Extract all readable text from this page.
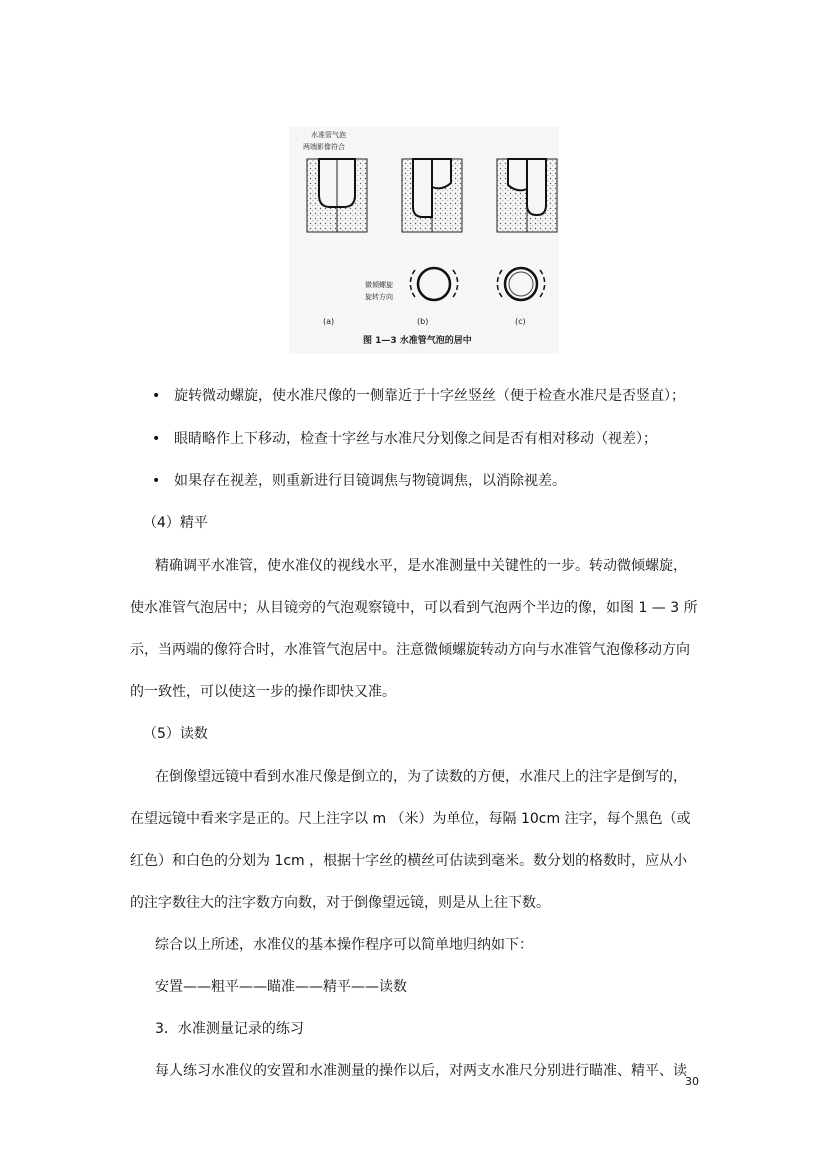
水准管气泡
两端影像符合
微倾螺旋
旋转方向
(a)	(b)	(c)
图 1—3 水准管气泡的居中
• 旋转微动螺旋，使水准尺像的一侧靠近于十字丝竖丝（便于检查水准尺是否竖直）；
• 眼睛略作上下移动，检查十字丝与水准尺分划像之间是否有相对移动（视差）；
• 如果存在视差，则重新进行目镜调焦与物镜调焦，以消除视差。
（4）精平
精确调平水准管，使水准仪的视线水平，是水准测量中关键性的一步。转动微倾螺旋，
使水准管气泡居中；从目镜旁的气泡观察镜中，可以看到气泡两个半边的像，如图 1 — 3 所
示，当两端的像符合时，水准管气泡居中。注意微倾螺旋转动方向与水准管气泡像移动方向
的一致性，可以使这一步的操作即快又准。
（5）读数
在倒像望远镜中看到水准尺像是倒立的，为了读数的方便，水准尺上的注字是倒写的，
在望远镜中看来字是正的。尺上注字以 m （米）为单位，每隔 10cm 注字，每个黑色（或
红色）和白色的分划为 1cm ，根据十字丝的横丝可估读到毫米。数分划的格数时，应从小
的注字数往大的注字数方向数，对于倒像望远镜，则是从上往下数。
综合以上所述，水准仪的基本操作程序可以简单地归纳如下：
安置——粗平——瞄准——精平——读数
3．水准测量记录的练习
每人练习水准仪的安置和水准测量的操作以后，对两支水准尺分别进行瞄准、精平、读
30
